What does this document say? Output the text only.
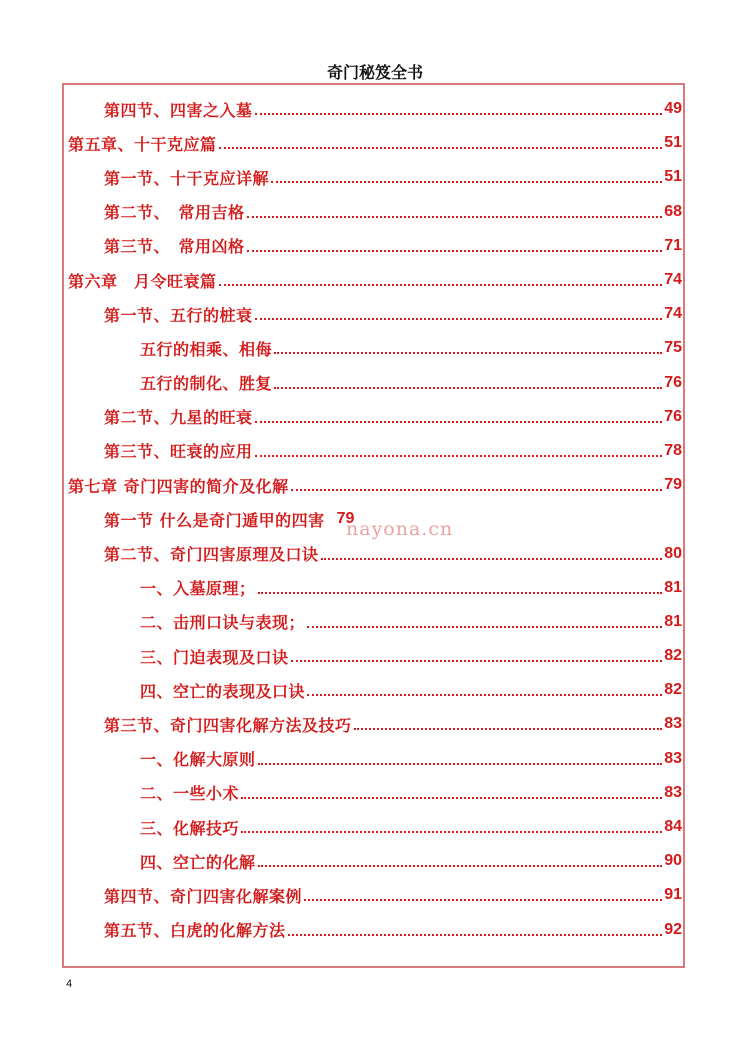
奇门秘笈全书
第四节、四害之入墓	49
第五章、十干克应篇	51
第一节、十干克应详解	51
第二节、　常用吉格	68
第三节、　常用凶格	71
第六章　月令旺衰篇	74
第一节、五行的桩衰	74
五行的相乘、相侮	75
五行的制化、胜复	76
第二节、九星的旺衰	76
第三节、旺衰的应用	78
第七章 奇门四害的简介及化解	79
第一节 什么是奇门遁甲的四害 79
第二节、奇门四害原理及口诀	80
一、入墓原理；	81
二、击刑口诀与表现；	81
三、门迫表现及口诀	82
四、空亡的表现及口诀	82
第三节、奇门四害化解方法及技巧	83
一、化解大原则	83
二、一些小术	83
三、化解技巧	84
四、空亡的化解	90
第四节、奇门四害化解案例	91
第五节、白虎的化解方法	92
nayona.cn
4
